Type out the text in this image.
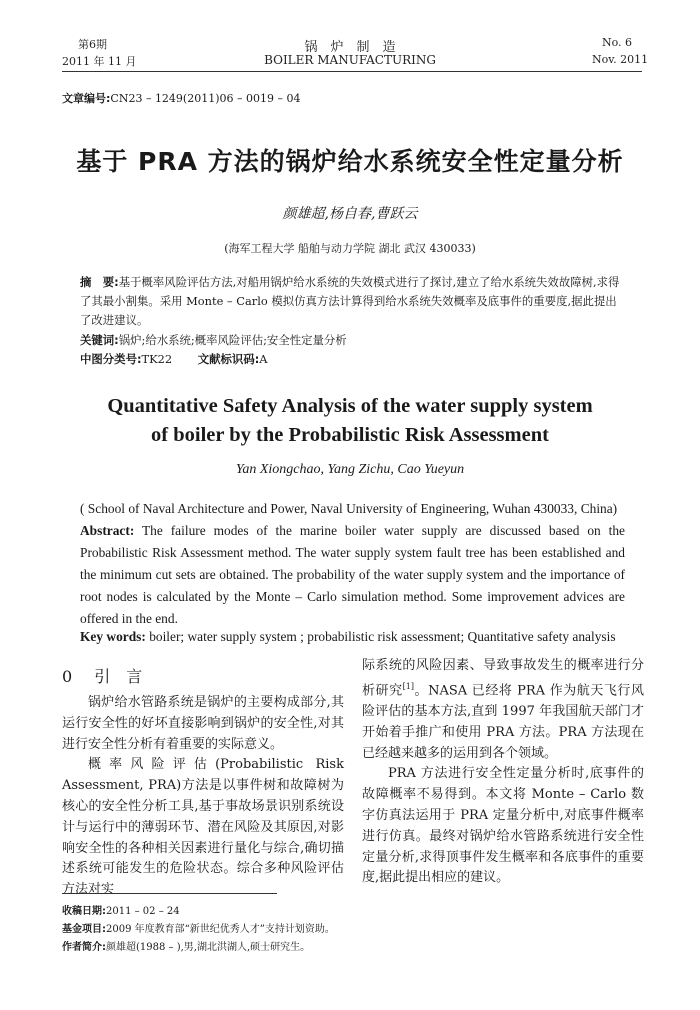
第6期
2011 年 11 月
锅　炉　制　造
BOILER MANUFACTURING
No. 6
Nov. 2011
文章编号:CN23 – 1249(2011)06 – 0019 – 04
基于 PRA 方法的锅炉给水系统安全性定量分析
颜雄超,杨自春,曹跃云
(海军工程大学 船舶与动力学院 湖北 武汉 430033)
摘　要:基于概率风险评估方法,对船用锅炉给水系统的失效模式进行了探讨,建立了给水系统失效故障树,求得了其最小割集。采用 Monte – Carlo 模拟仿真方法计算得到给水系统失效概率及底事件的重要度,据此提出了改进建议。
关键词:锅炉;给水系统;概率风险评估;安全性定量分析
中图分类号:TK22 文献标识码:A
Quantitative Safety Analysis of the water supply system
of boiler by the Probabilistic Risk Assessment
Yan Xiongchao, Yang Zichu, Cao Yueyun
( School of Naval Architecture and Power, Naval University of Engineering, Wuhan 430033, China)
Abstract: The failure modes of the marine boiler water supply are discussed based on the Probabilistic Risk Assessment method. The water supply system fault tree has been established and the minimum cut sets are obtained. The probability of the water supply system and the importance of root nodes is calculated by the Monte – Carlo simulation method. Some improvement advices are offered in the end.
Key words: boiler; water supply system ; probabilistic risk assessment; Quantitative safety analysis
0 引　言

锅炉给水管路系统是锅炉的主要构成部分,其运行安全性的好坏直接影响到锅炉的安全性,对其进行安全性分析有着重要的实际意义。

概率风险评估(Probabilistic Risk Assessment, PRA)方法是以事件树和故障树为核心的安全性分析工具,基于事故场景识别系统设计与运行中的薄弱环节、潜在风险及其原因,对影响安全性的各种相关因素进行量化与综合,确切描述系统可能发生的危险状态。综合多种风险评估方法对实

际系统的风险因素、导致事故发生的概率进行分析研究[1]。NASA 已经将 PRA 作为航天飞行风险评估的基本方法,直到 1997 年我国航天部门才开始着手推广和使用 PRA 方法。PRA 方法现在已经越来越多的运用到各个领域。

PRA 方法进行安全性定量分析时,底事件的故障概率不易得到。本文将 Monte – Carlo 数字仿真法运用于 PRA 定量分析中,对底事件概率进行仿真。最终对锅炉给水管路系统进行安全性定量分析,求得顶事件发生概率和各底事件的重要度,据此提出相应的建议。

收稿日期:2011 – 02 – 24
基金项目:2009 年度教育部“新世纪优秀人才”支持计划资助。
作者简介:颜雄超(1988 – ),男,湖北洪湖人,硕士研究生。
